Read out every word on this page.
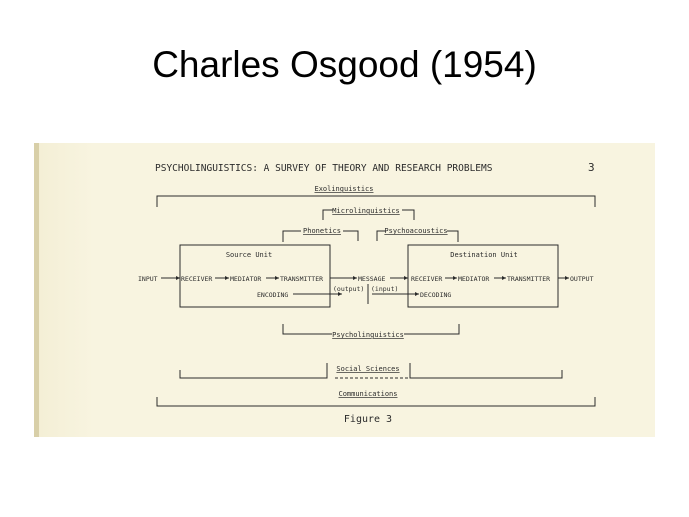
Charles Osgood (1954)
PSYCHOLINGUISTICS: A SURVEY OF THEORY AND RESEARCH PROBLEMS	3
Exolinguistics
Microlinguistics
Phonetics	Psychoacoustics
Source Unit	Destination Unit
INPUT	RECEIVER	MEDIATOR	TRANSMITTER	MESSAGE	RECEIVER MEDIATOR	TRANSMITTER	OUTPUT
(output) (input)
ENCODING	DECODING
Psycholinguistics
Social Sciences
Communications
Figure 3
